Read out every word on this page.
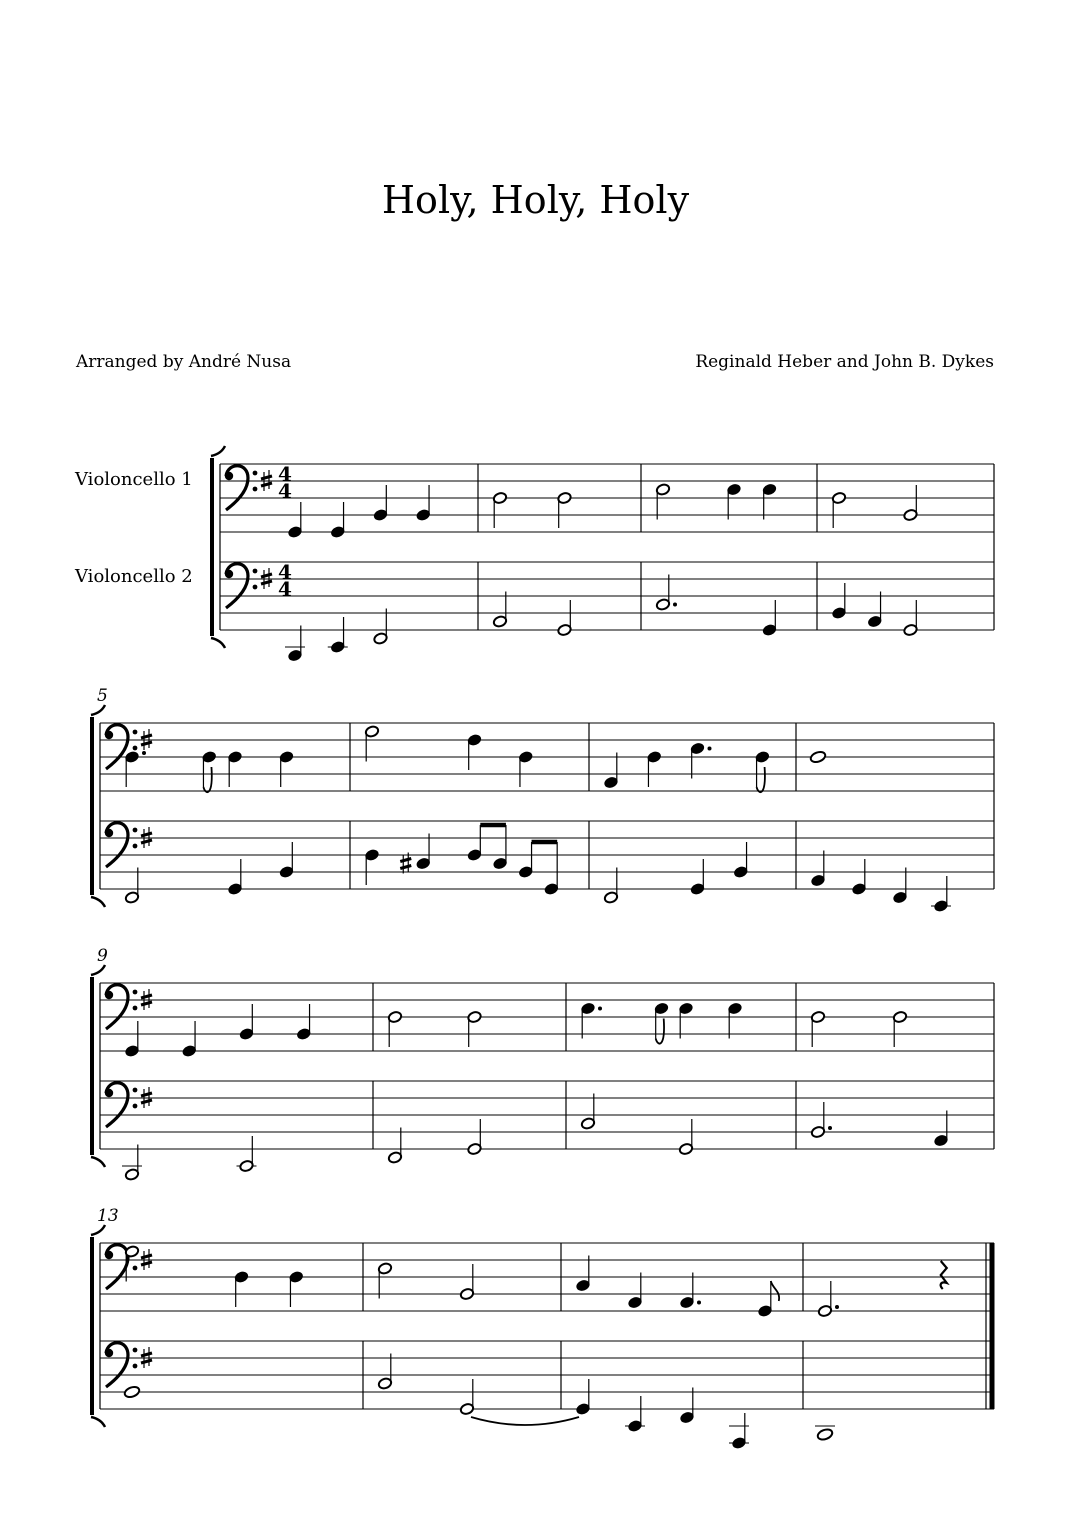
Holy, Holy, Holy
Arranged by André Nusa	Reginald Heber and John B. Dykes
Violoncello 1
Violoncello 2
4
4
4
4
5
9
13
